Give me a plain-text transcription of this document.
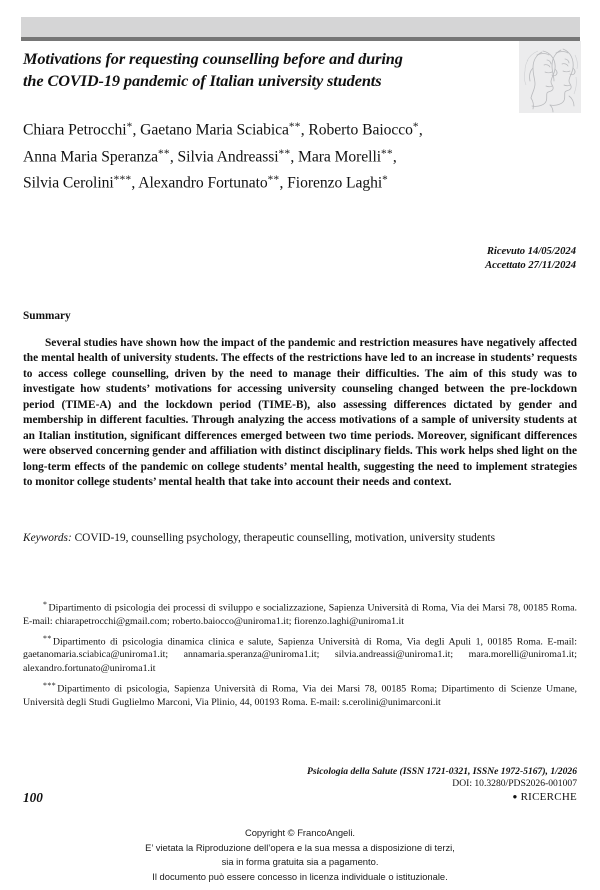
Motivations for requesting counselling before and during
the COVID-19 pandemic of Italian university students
Chiara Petrocchi*, Gaetano Maria Sciabica**, Roberto Baiocco*,
Anna Maria Speranza**, Silvia Andreassi**, Mara Morelli**,
Silvia Cerolini***, Alexandro Fortunato**, Fiorenzo Laghi*
Ricevuto 14/05/2024
Accettato 27/11/2024
Summary
Several studies have shown how the impact of the pandemic and restriction measures have negatively affected the mental health of university students. The effects of the restrictions have led to an increase in students’ requests to access college counselling, driven by the need to manage their difficulties. The aim of this study was to investigate how students’ motivations for accessing university counseling changed between the pre-lockdown period (TIME-A) and the lockdown period (TIME-B), also assessing differences dictated by gender and membership in different faculties. Through analyzing the access motivations of a sample of university students at an Italian institution, significant differences emerged between two time periods. Moreover, significant differences were observed concerning gender and affiliation with distinct disciplinary fields. This work helps shed light on the long-term effects of the pandemic on college students’ mental health, suggesting the need to implement strategies to monitor college students’ mental health that take into account their needs and context.
Keywords: COVID-19, counselling psychology, therapeutic counselling, motivation, university students
*Dipartimento di psicologia dei processi di sviluppo e socializzazione, Sapienza Università di Roma, Via dei Marsi 78, 00185 Roma. E-mail: chiarapetrocchi@gmail.com; roberto.baiocco@uniroma1.it; fiorenzo.laghi@uniroma1.it
**Dipartimento di psicologia dinamica clinica e salute, Sapienza Università di Roma, Via degli Apuli 1, 00185 Roma. E-mail: gaetanomaria.sciabica@uniroma1.it; annamaria.speranza@uniroma1.it; silvia.andreassi@uniroma1.it; mara.morelli@uniroma1.it; alexandro.fortunato@uniroma1.it
***Dipartimento di psicologia, Sapienza Università di Roma, Via dei Marsi 78, 00185 Roma; Dipartimento di Scienze Umane, Università degli Studi Guglielmo Marconi, Via Plinio, 44, 00193 Roma. E-mail: s.cerolini@unimarconi.it
Psicologia della Salute (ISSN 1721-0321, ISSNe 1972-5167), 1/2026
DOI: 10.3280/PDS2026-001007
100	● RICERCHE
Copyright © FrancoAngeli.
E’ vietata la Riproduzione dell’opera e la sua messa a disposizione di terzi,
sia in forma gratuita sia a pagamento.
Il documento può essere concesso in licenza individuale o istituzionale.
